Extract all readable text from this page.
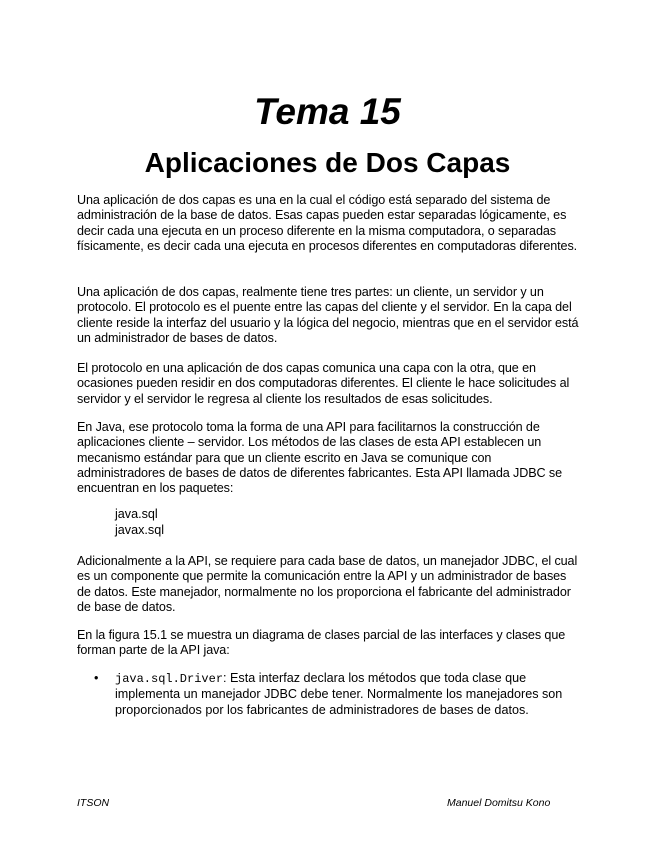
Tema 15
Aplicaciones de Dos Capas

Una aplicación de dos capas es una en la cual el código está separado del sistema de administración de la base de datos. Esas capas pueden estar separadas lógicamente, es decir cada una ejecuta en un proceso diferente en la misma computadora, o separadas físicamente, es decir cada una ejecuta en procesos diferentes en computadoras diferentes.

Una aplicación de dos capas, realmente tiene tres partes: un cliente, un servidor y un protocolo. El protocolo es el puente entre las capas del cliente y el servidor. En la capa del cliente reside la interfaz del usuario y la lógica del negocio, mientras que en el servidor está un administrador de bases de datos.

El protocolo en una aplicación de dos capas comunica una capa con la otra, que en ocasiones pueden residir en dos computadoras diferentes. El cliente le hace solicitudes al servidor y el servidor le regresa al cliente los resultados de esas solicitudes.

En Java, ese protocolo toma la forma de una API para facilitarnos la construcción de aplicaciones cliente – servidor. Los métodos de las clases de esta API establecen un mecanismo estándar para que un cliente escrito en Java se comunique con administradores de bases de datos de diferentes fabricantes. Esta API llamada JDBC se encuentran en los paquetes:

java.sql
javax.sql

Adicionalmente a la API, se requiere para cada base de datos, un manejador JDBC, el cual es un componente que permite la comunicación entre la API y un administrador de bases de datos. Este manejador, normalmente no los proporciona el fabricante del administrador de base de datos.

En la figura 15.1 se muestra un diagrama de clases parcial de las interfaces y clases que forman parte de la API java:

• java.sql.Driver: Esta interfaz declara los métodos que toda clase que implementa un manejador JDBC debe tener. Normalmente los manejadores son proporcionados por los fabricantes de administradores de bases de datos.
ITSON	Manuel Domitsu Kono
